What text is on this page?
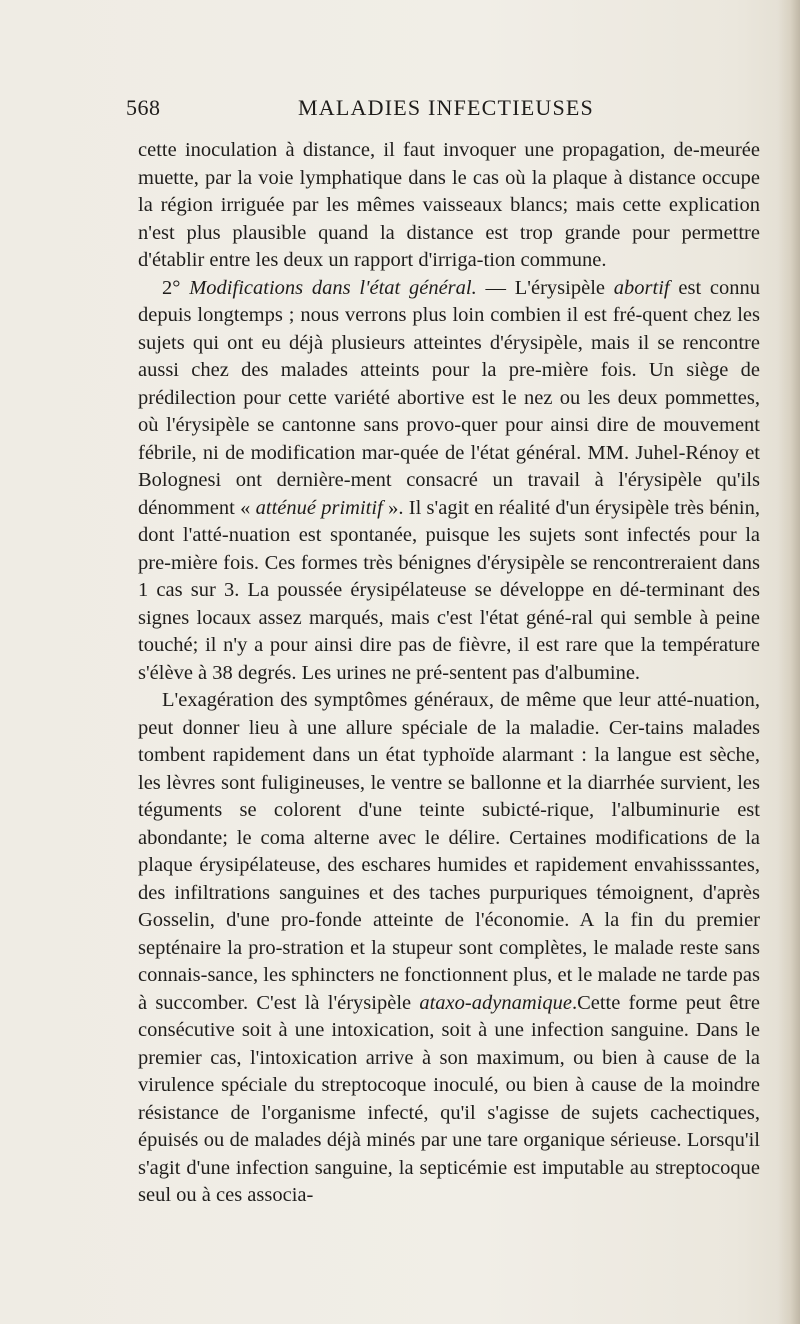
568	MALADIES INFECTIEUSES

cette inoculation à distance, il faut invoquer une propagation, de-meurée muette, par la voie lymphatique dans le cas où la plaque à distance occupe la région irriguée par les mêmes vaisseaux blancs; mais cette explication n'est plus plausible quand la distance est trop grande pour permettre d'établir entre les deux un rapport d'irriga-tion commune.

2° Modifications dans l'état général. — L'érysipèle abortif est connu depuis longtemps ; nous verrons plus loin combien il est fré-quent chez les sujets qui ont eu déjà plusieurs atteintes d'érysipèle, mais il se rencontre aussi chez des malades atteints pour la pre-mière fois. Un siège de prédilection pour cette variété abortive est le nez ou les deux pommettes, où l'érysipèle se cantonne sans provo-quer pour ainsi dire de mouvement fébrile, ni de modification mar-quée de l'état général. MM. Juhel-Rénoy et Bolognesi ont dernière-ment consacré un travail à l'érysipèle qu'ils dénomment « atténué primitif ». Il s'agit en réalité d'un érysipèle très bénin, dont l'atté-nuation est spontanée, puisque les sujets sont infectés pour la pre-mière fois. Ces formes très bénignes d'érysipèle se rencontreraient dans 1 cas sur 3. La poussée érysipélateuse se développe en dé-terminant des signes locaux assez marqués, mais c'est l'état géné-ral qui semble à peine touché; il n'y a pour ainsi dire pas de fièvre, il est rare que la température s'élève à 38 degrés. Les urines ne pré-sentent pas d'albumine.

L'exagération des symptômes généraux, de même que leur atté-nuation, peut donner lieu à une allure spéciale de la maladie. Cer-tains malades tombent rapidement dans un état typhoïde alarmant : la langue est sèche, les lèvres sont fuligineuses, le ventre se ballonne et la diarrhée survient, les téguments se colorent d'une teinte subicté-rique, l'albuminurie est abondante; le coma alterne avec le délire. Certaines modifications de la plaque érysipélateuse, des eschares humides et rapidement envahisssantes, des infiltrations sanguines et des taches purpuriques témoignent, d'après Gosselin, d'une pro-fonde atteinte de l'économie. A la fin du premier septénaire la pro-stration et la stupeur sont complètes, le malade reste sans connais-sance, les sphincters ne fonctionnent plus, et le malade ne tarde pas à succomber. C'est là l'érysipèle ataxo-adynamique.Cette forme peut être consécutive soit à une intoxication, soit à une infection sanguine. Dans le premier cas, l'intoxication arrive à son maximum, ou bien à cause de la virulence spéciale du streptocoque inoculé, ou bien à cause de la moindre résistance de l'organisme infecté, qu'il s'agisse de sujets cachectiques, épuisés ou de malades déjà minés par une tare organique sérieuse. Lorsqu'il s'agit d'une infection sanguine, la septicémie est imputable au streptocoque seul ou à ces associa-
